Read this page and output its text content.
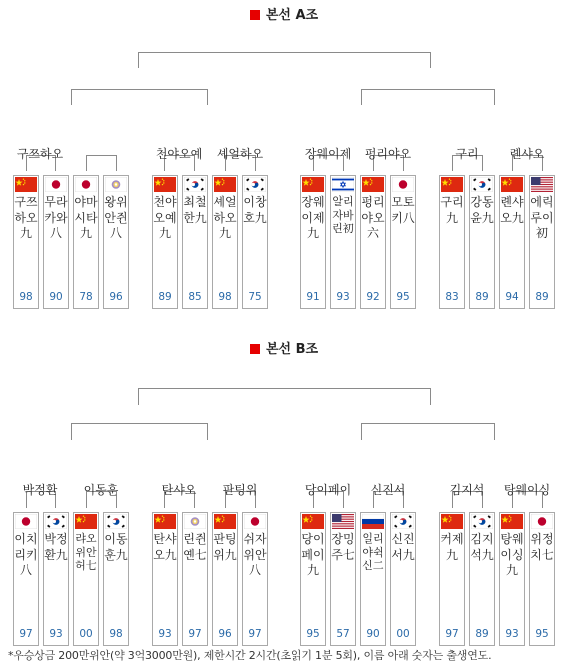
본선 A조
본선 B조
구쯔하오
구쯔하오九
98
무라카와八
90
야마시타九
78
왕위안쥔八
96
천야오예	셰얼하오
천야오예九
89
최철한九
85
셰얼하오九
98
이창호九
75
장웨이제	펑리야오
장웨이제九
91
알리자바린初
93
펑리야오六
92
모토키八
95
구리	롄샤오
구리九
83
강동윤九
89
롄샤오九
94
에릭루이初
89
박정환	이동훈
이치리키八
97
박정환九
93
랴오위안허七
00
이동훈九
98
탄샤오	판팅위
탄샤오九
93
린쥔옌七
97
판팅위九
96
쉬자위안八
97
당이페이	신진서
당이페이九
95
장밍주七
57
일리야쉭신二
90
신진서九
00
김지석	탕웨이싱
커제九
97
김지석九
89
탕웨이싱九
93
위정치七
95
*우승상금 200만위안(약 3억3000만원), 제한시간 2시간(초읽기 1분 5회), 이름 아래 숫자는 출생연도.
